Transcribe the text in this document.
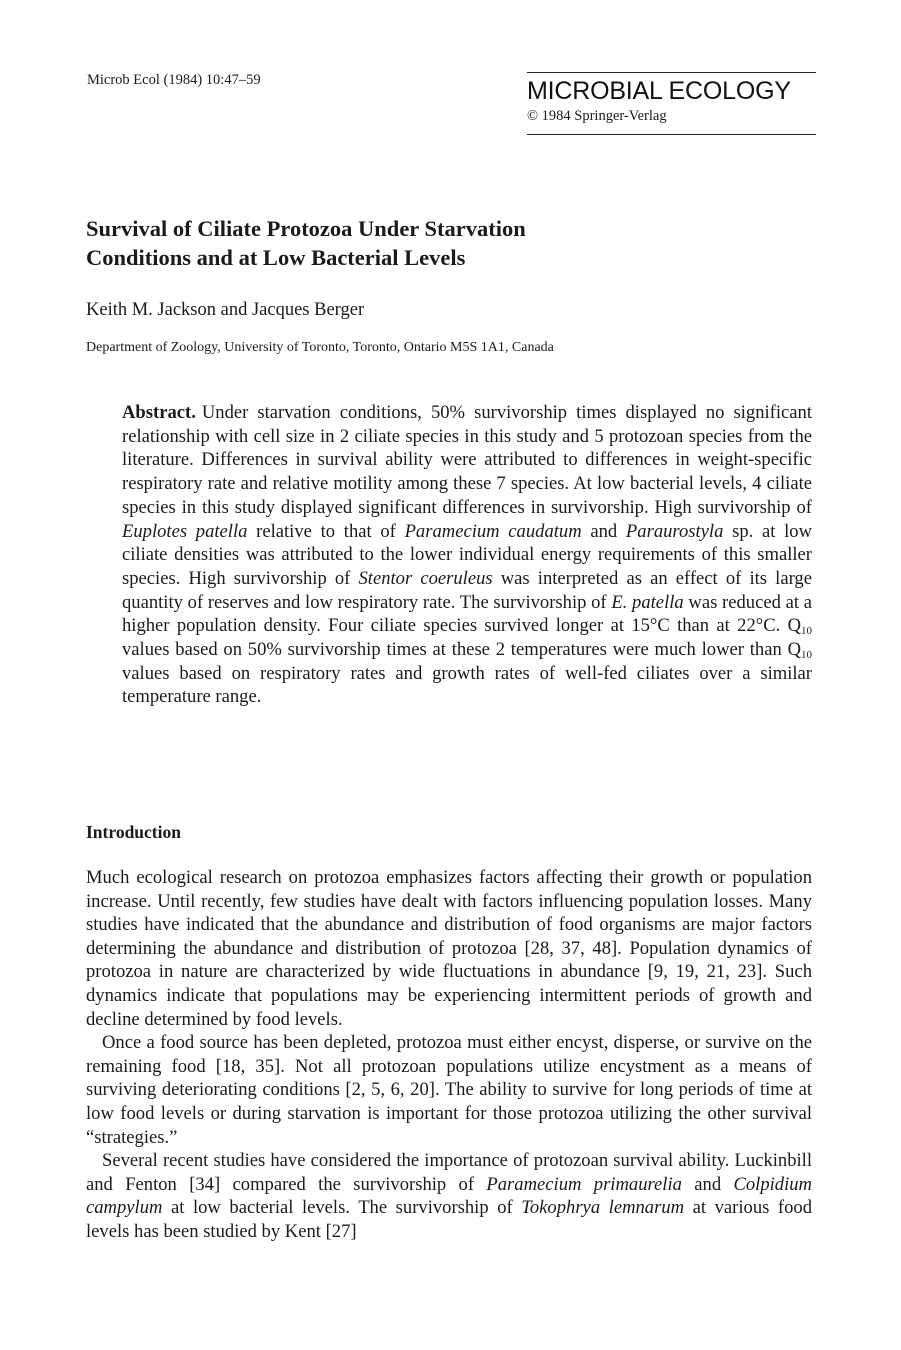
Microb Ecol (1984) 10:47–59	MICROBIAL ECOLOGY
© 1984 Springer-Verlag
Survival of Ciliate Protozoa Under Starvation
Conditions and at Low Bacterial Levels
Keith M. Jackson and Jacques Berger
Department of Zoology, University of Toronto, Toronto, Ontario M5S 1A1, Canada
Abstract. Under starvation conditions, 50% survivorship times displayed no significant relationship with cell size in 2 ciliate species in this study and 5 protozoan species from the literature. Differences in survival ability were attributed to differences in weight-specific respiratory rate and relative motility among these 7 species. At low bacterial levels, 4 ciliate species in this study displayed significant differences in survivorship. High survivorship of Euplotes patella relative to that of Paramecium caudatum and Paraurostyla sp. at low ciliate densities was attributed to the lower individual energy requirements of this smaller species. High survivorship of Stentor coeruleus was interpreted as an effect of its large quantity of reserves and low respiratory rate. The survivorship of E. patella was reduced at a higher population density. Four ciliate species survived longer at 15°C than at 22°C. $Q_{10}$ values based on 50% survivorship times at these 2 temperatures were much lower than $Q_{10}$ values based on respiratory rates and growth rates of well-fed ciliates over a similar temperature range.
Introduction

Much ecological research on protozoa emphasizes factors affecting their growth or population increase. Until recently, few studies have dealt with factors influencing population losses. Many studies have indicated that the abundance and distribution of food organisms are major factors determining the abundance and distribution of protozoa [28, 37, 48]. Population dynamics of protozoa in nature are characterized by wide fluctuations in abundance [9, 19, 21, 23]. Such dynamics indicate that populations may be experiencing intermittent periods of growth and decline determined by food levels.

Once a food source has been depleted, protozoa must either encyst, disperse, or survive on the remaining food [18, 35]. Not all protozoan populations utilize encystment as a means of surviving deteriorating conditions [2, 5, 6, 20]. The ability to survive for long periods of time at low food levels or during starvation is important for those protozoa utilizing the other survival “strategies.”

Several recent studies have considered the importance of protozoan survival ability. Luckinbill and Fenton [34] compared the survivorship of Paramecium primaurelia and Colpidium campylum at low bacterial levels. The survivorship of Tokophrya lemnarum at various food levels has been studied by Kent [27]
